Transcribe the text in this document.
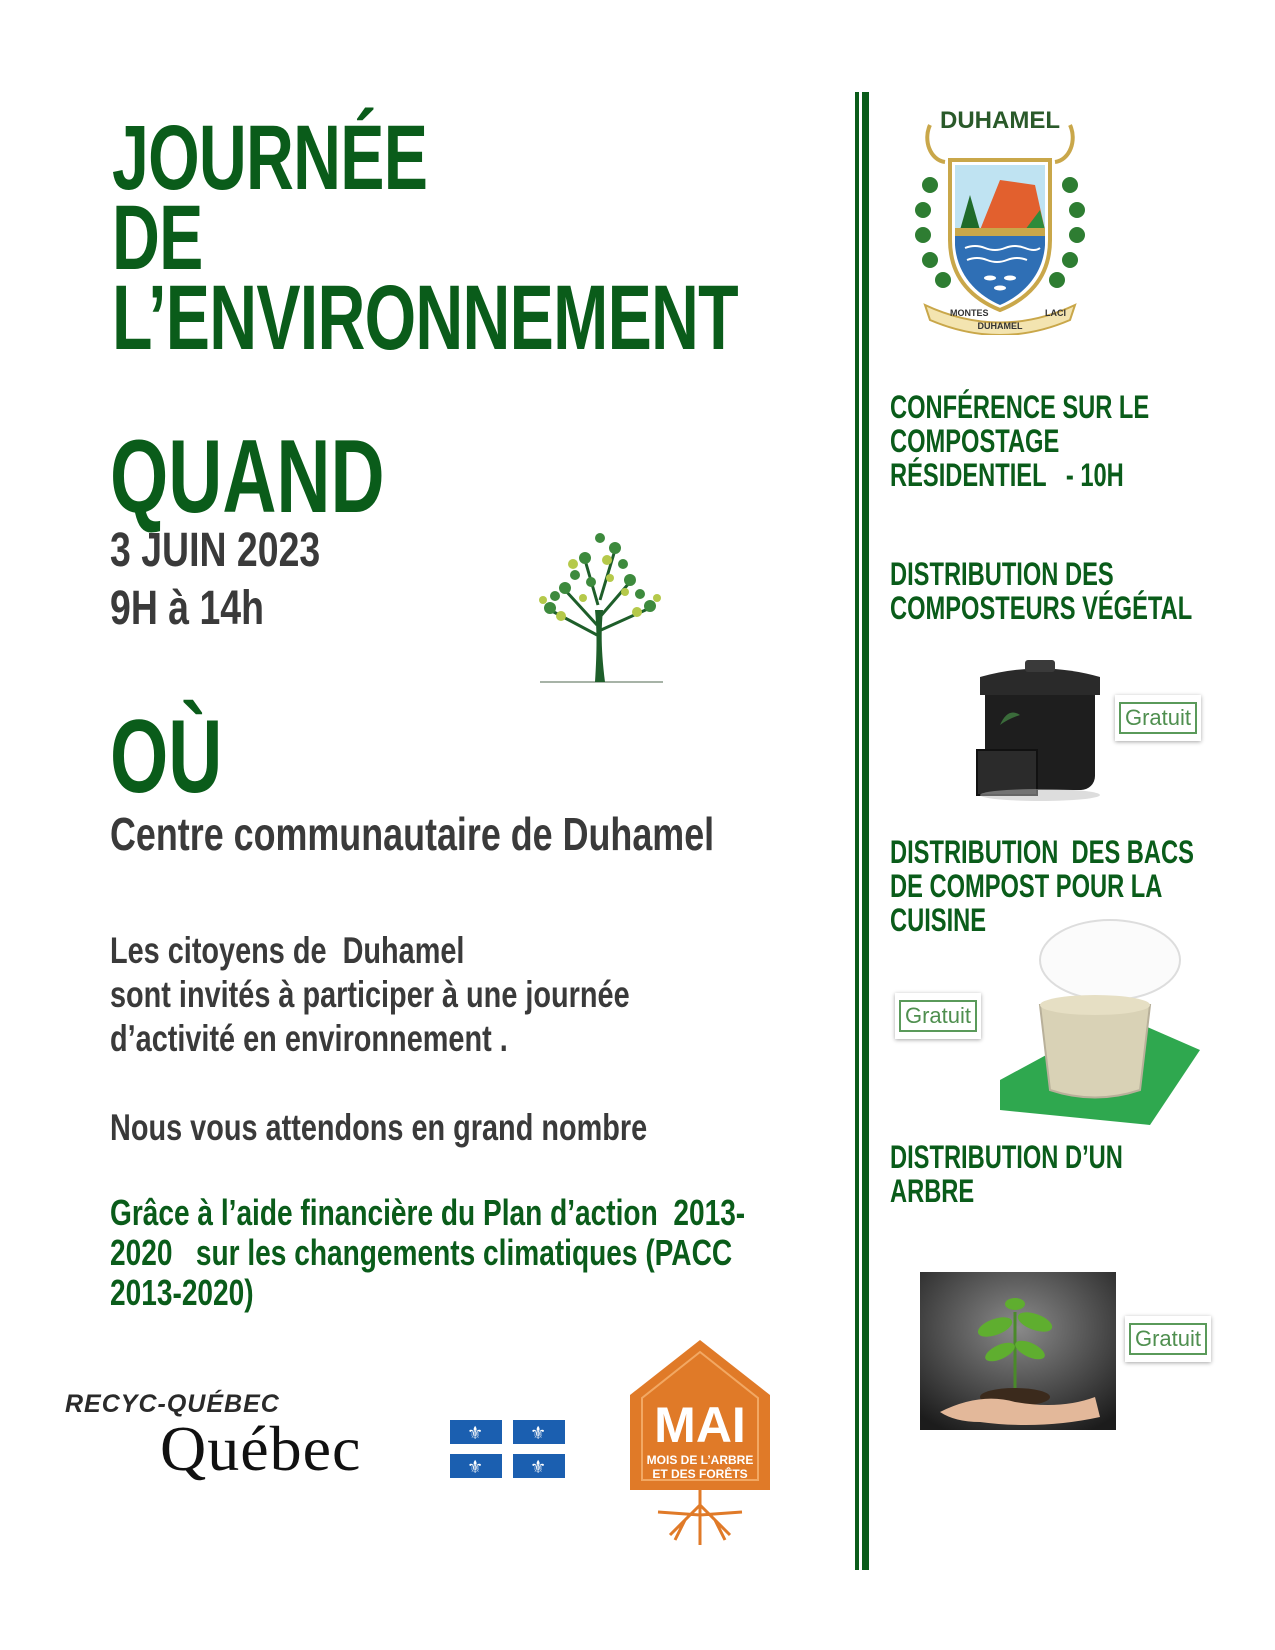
JOURNÉE
DE
L’ENVIRONNEMENT
QUAND
3 JUIN 2023
9H à 14h
OÙ
Centre communautaire de Duhamel
Les citoyens de  Duhamel
sont invités à participer à une journée
d’activité en environnement .
Nous vous attendons en grand nombre
Grâce à l’aide financière du Plan d’action  2013-
2020   sur les changements climatiques (PACC
2013-2020)
RECYC-QUÉBEC
Québec	⚜	⚜
⚜	⚜
MAI
MOIS DE L’ARBRE
ET DES FORÊTS
DUHAMEL
MONTES
DUHAMEL
LACI
CONFÉRENCE SUR LE
COMPOSTAGE
RÉSIDENTIEL   - 10H
DISTRIBUTION DES
COMPOSTEURS VÉGÉTAL
Gratuit
DISTRIBUTION  DES BACS
DE COMPOST POUR LA
CUISINE
Gratuit
DISTRIBUTION D’UN
ARBRE
Gratuit
